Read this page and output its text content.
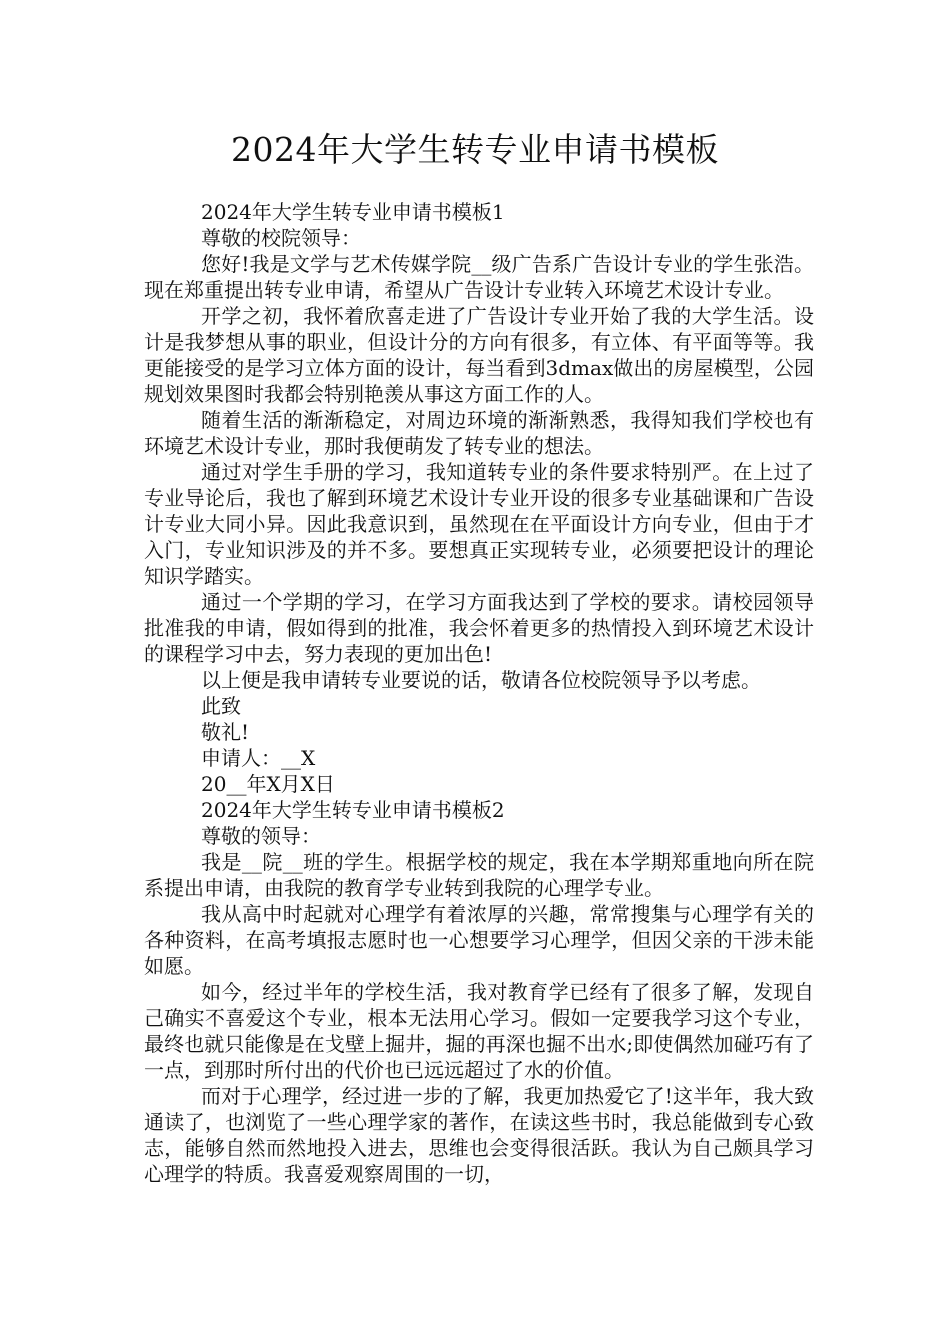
2024年大学生转专业申请书模板

2024年大学生转专业申请书模板1

尊敬的校院领导：

您好!我是文学与艺术传媒学院__级广告系广告设计专业的学生张浩。现在郑重提出转专业申请，希望从广告设计专业转入环境艺术设计专业。

开学之初，我怀着欣喜走进了广告设计专业开始了我的大学生活。设计是我梦想从事的职业，但设计分的方向有很多，有立体、有平面等等。我更能接受的是学习立体方面的设计，每当看到3dmax做出的房屋模型，公园规划效果图时我都会特别艳羡从事这方面工作的人。

随着生活的渐渐稳定，对周边环境的渐渐熟悉，我得知我们学校也有环境艺术设计专业，那时我便萌发了转专业的想法。

通过对学生手册的学习，我知道转专业的条件要求特别严。在上过了专业导论后，我也了解到环境艺术设计专业开设的很多专业基础课和广告设计专业大同小异。因此我意识到，虽然现在在平面设计方向专业，但由于才入门，专业知识涉及的并不多。要想真正实现转专业，必须要把设计的理论知识学踏实。

通过一个学期的学习，在学习方面我达到了学校的要求。请校园领导批准我的申请，假如得到的批准，我会怀着更多的热情投入到环境艺术设计的课程学习中去，努力表现的更加出色!

以上便是我申请转专业要说的话，敬请各位校院领导予以考虑。

此致

敬礼!

申请人：__X

20__年X月X日

2024年大学生转专业申请书模板2

尊敬的领导：

我是__院__班的学生。根据学校的规定，我在本学期郑重地向所在院系提出申请，由我院的教育学专业转到我院的心理学专业。

我从高中时起就对心理学有着浓厚的兴趣，常常搜集与心理学有关的各种资料，在高考填报志愿时也一心想要学习心理学，但因父亲的干涉未能如愿。

如今，经过半年的学校生活，我对教育学已经有了很多了解，发现自己确实不喜爱这个专业，根本无法用心学习。假如一定要我学习这个专业，最终也就只能像是在戈壁上掘井，掘的再深也掘不出水;即使偶然加碰巧有了一点，到那时所付出的代价也已远远超过了水的价值。

而对于心理学，经过进一步的了解，我更加热爱它了!这半年，我大致通读了，也浏览了一些心理学家的著作，在读这些书时，我总能做到专心致志，能够自然而然地投入进去，思维也会变得很活跃。我认为自己颇具学习心理学的特质。我喜爱观察周围的一切，
